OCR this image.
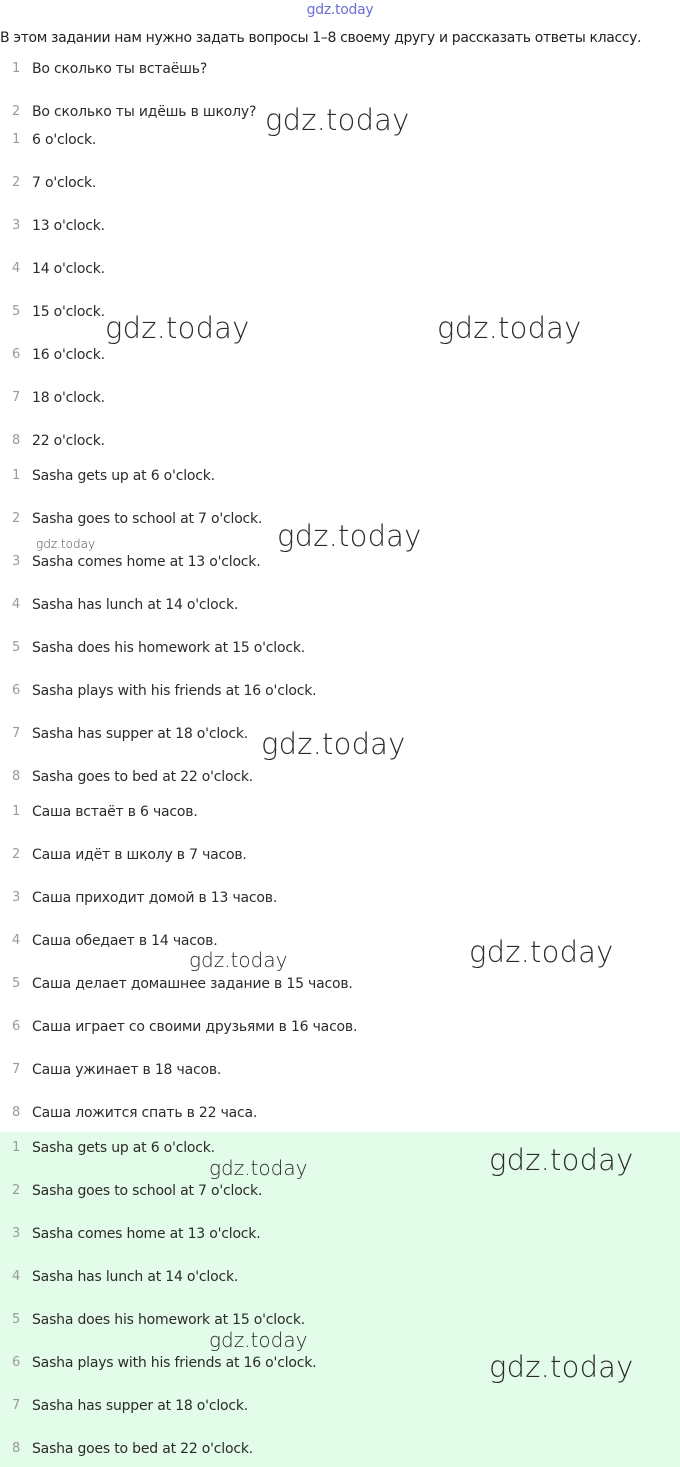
gdz.today
В этом задании нам нужно задать вопросы 1–8 своему другу и рассказать ответы классу.
1 Во сколько ты встаёшь?
2 Во сколько ты идёшь в школу?
1 6 o'clock.
2 7 o'clock.
3 13 o'clock.
4 14 o'clock.
5 15 o'clock.
6 16 o'clock.
7 18 o'clock.
8 22 o'clock.
1 Sasha gets up at 6 o'clock.
2 Sasha goes to school at 7 o'clock.
3 Sasha comes home at 13 o'clock.
4 Sasha has lunch at 14 o'clock.
5 Sasha does his homework at 15 o'clock.
6 Sasha plays with his friends at 16 o'clock.
7 Sasha has supper at 18 o'clock.
8 Sasha goes to bed at 22 o'clock.
1 Саша встаёт в 6 часов.
2 Саша идёт в школу в 7 часов.
3 Саша приходит домой в 13 часов.
4 Саша обедает в 14 часов.
5 Саша делает домашнее задание в 15 часов.
6 Саша играет со своими друзьями в 16 часов.
7 Саша ужинает в 18 часов.
8 Саша ложится спать в 22 часа.
1 Sasha gets up at 6 o'clock.
2 Sasha goes to school at 7 o'clock.
3 Sasha comes home at 13 o'clock.
4 Sasha has lunch at 14 o'clock.
5 Sasha does his homework at 15 o'clock.
6 Sasha plays with his friends at 16 o'clock.
7 Sasha has supper at 18 o'clock.
8 Sasha goes to bed at 22 o'clock.
gdz.today
gdz.today	gdz.today
gdz.today	gdz.today
gdz.today
gdz.today	gdz.today
gdz.today	gdz.today
gdz.today
gdz.today
